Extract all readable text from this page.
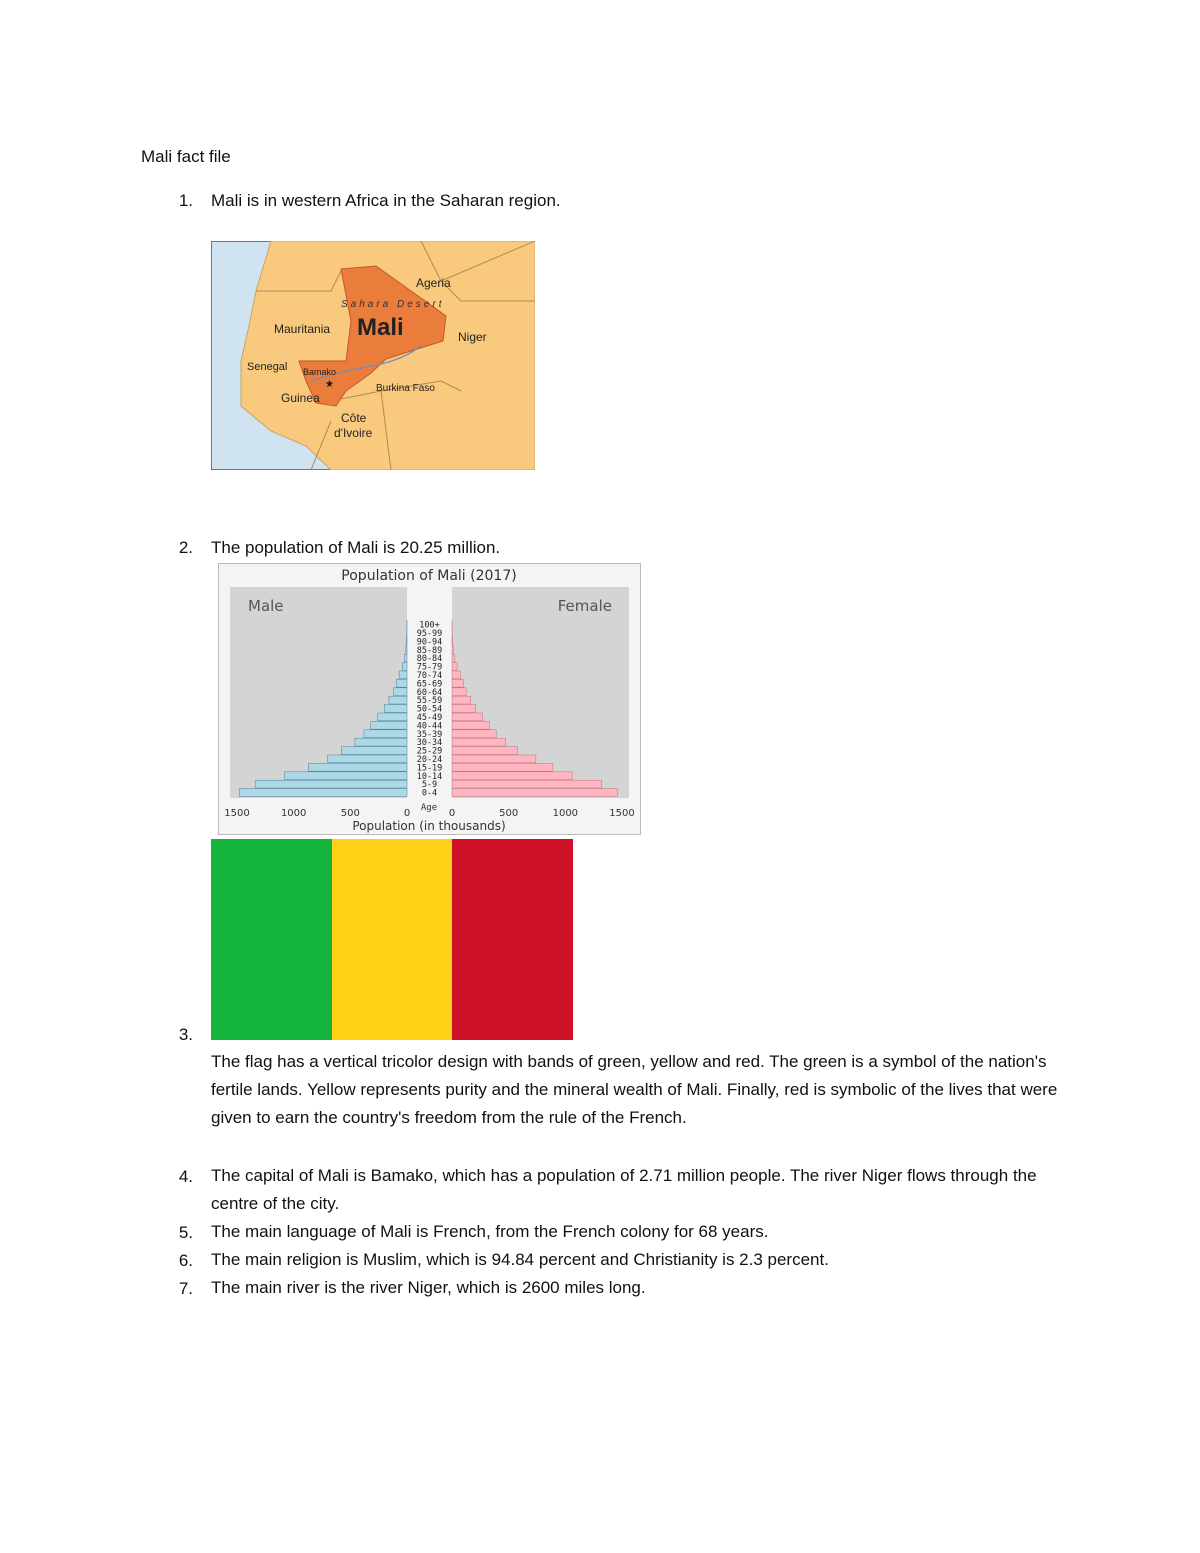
Mali fact file
1. Mali is in western Africa in the Saharan region.
Ageria
Sahara Desert
Mali
Mauritania
Niger
Senegal Bamako
★	Burkina Faso
Guinea
Côte
d'Ivoire
2. The population of Mali is 20.25 million.
Population of Mali (2017)
Male	Female
0-4
5-9
10-14
15-19
20-24
25-29
30-34
35-39
40-44
45-49
50-54
55-59
60-64
65-69
70-74
75-79
80-84
85-89
90-94
95-99
100+
Age
1500	1000	500	0	0	500	1000	1500
Population (in thousands)
3.
The flag has a vertical tricolor design with bands of green, yellow and red. The green is a symbol of the nation's fertile lands. Yellow represents purity and the mineral wealth of Mali. Finally, red is symbolic of the lives that were given to earn the country's freedom from the rule of the French.
4. The capital of Mali is Bamako, which has a population of 2.71 million people. The river Niger flows through the centre of the city.
5. The main language of Mali is French, from the French colony for 68 years.
6. The main religion is Muslim, which is 94.84 percent and Christianity is 2.3 percent.
7. The main river is the river Niger, which is 2600 miles long.
